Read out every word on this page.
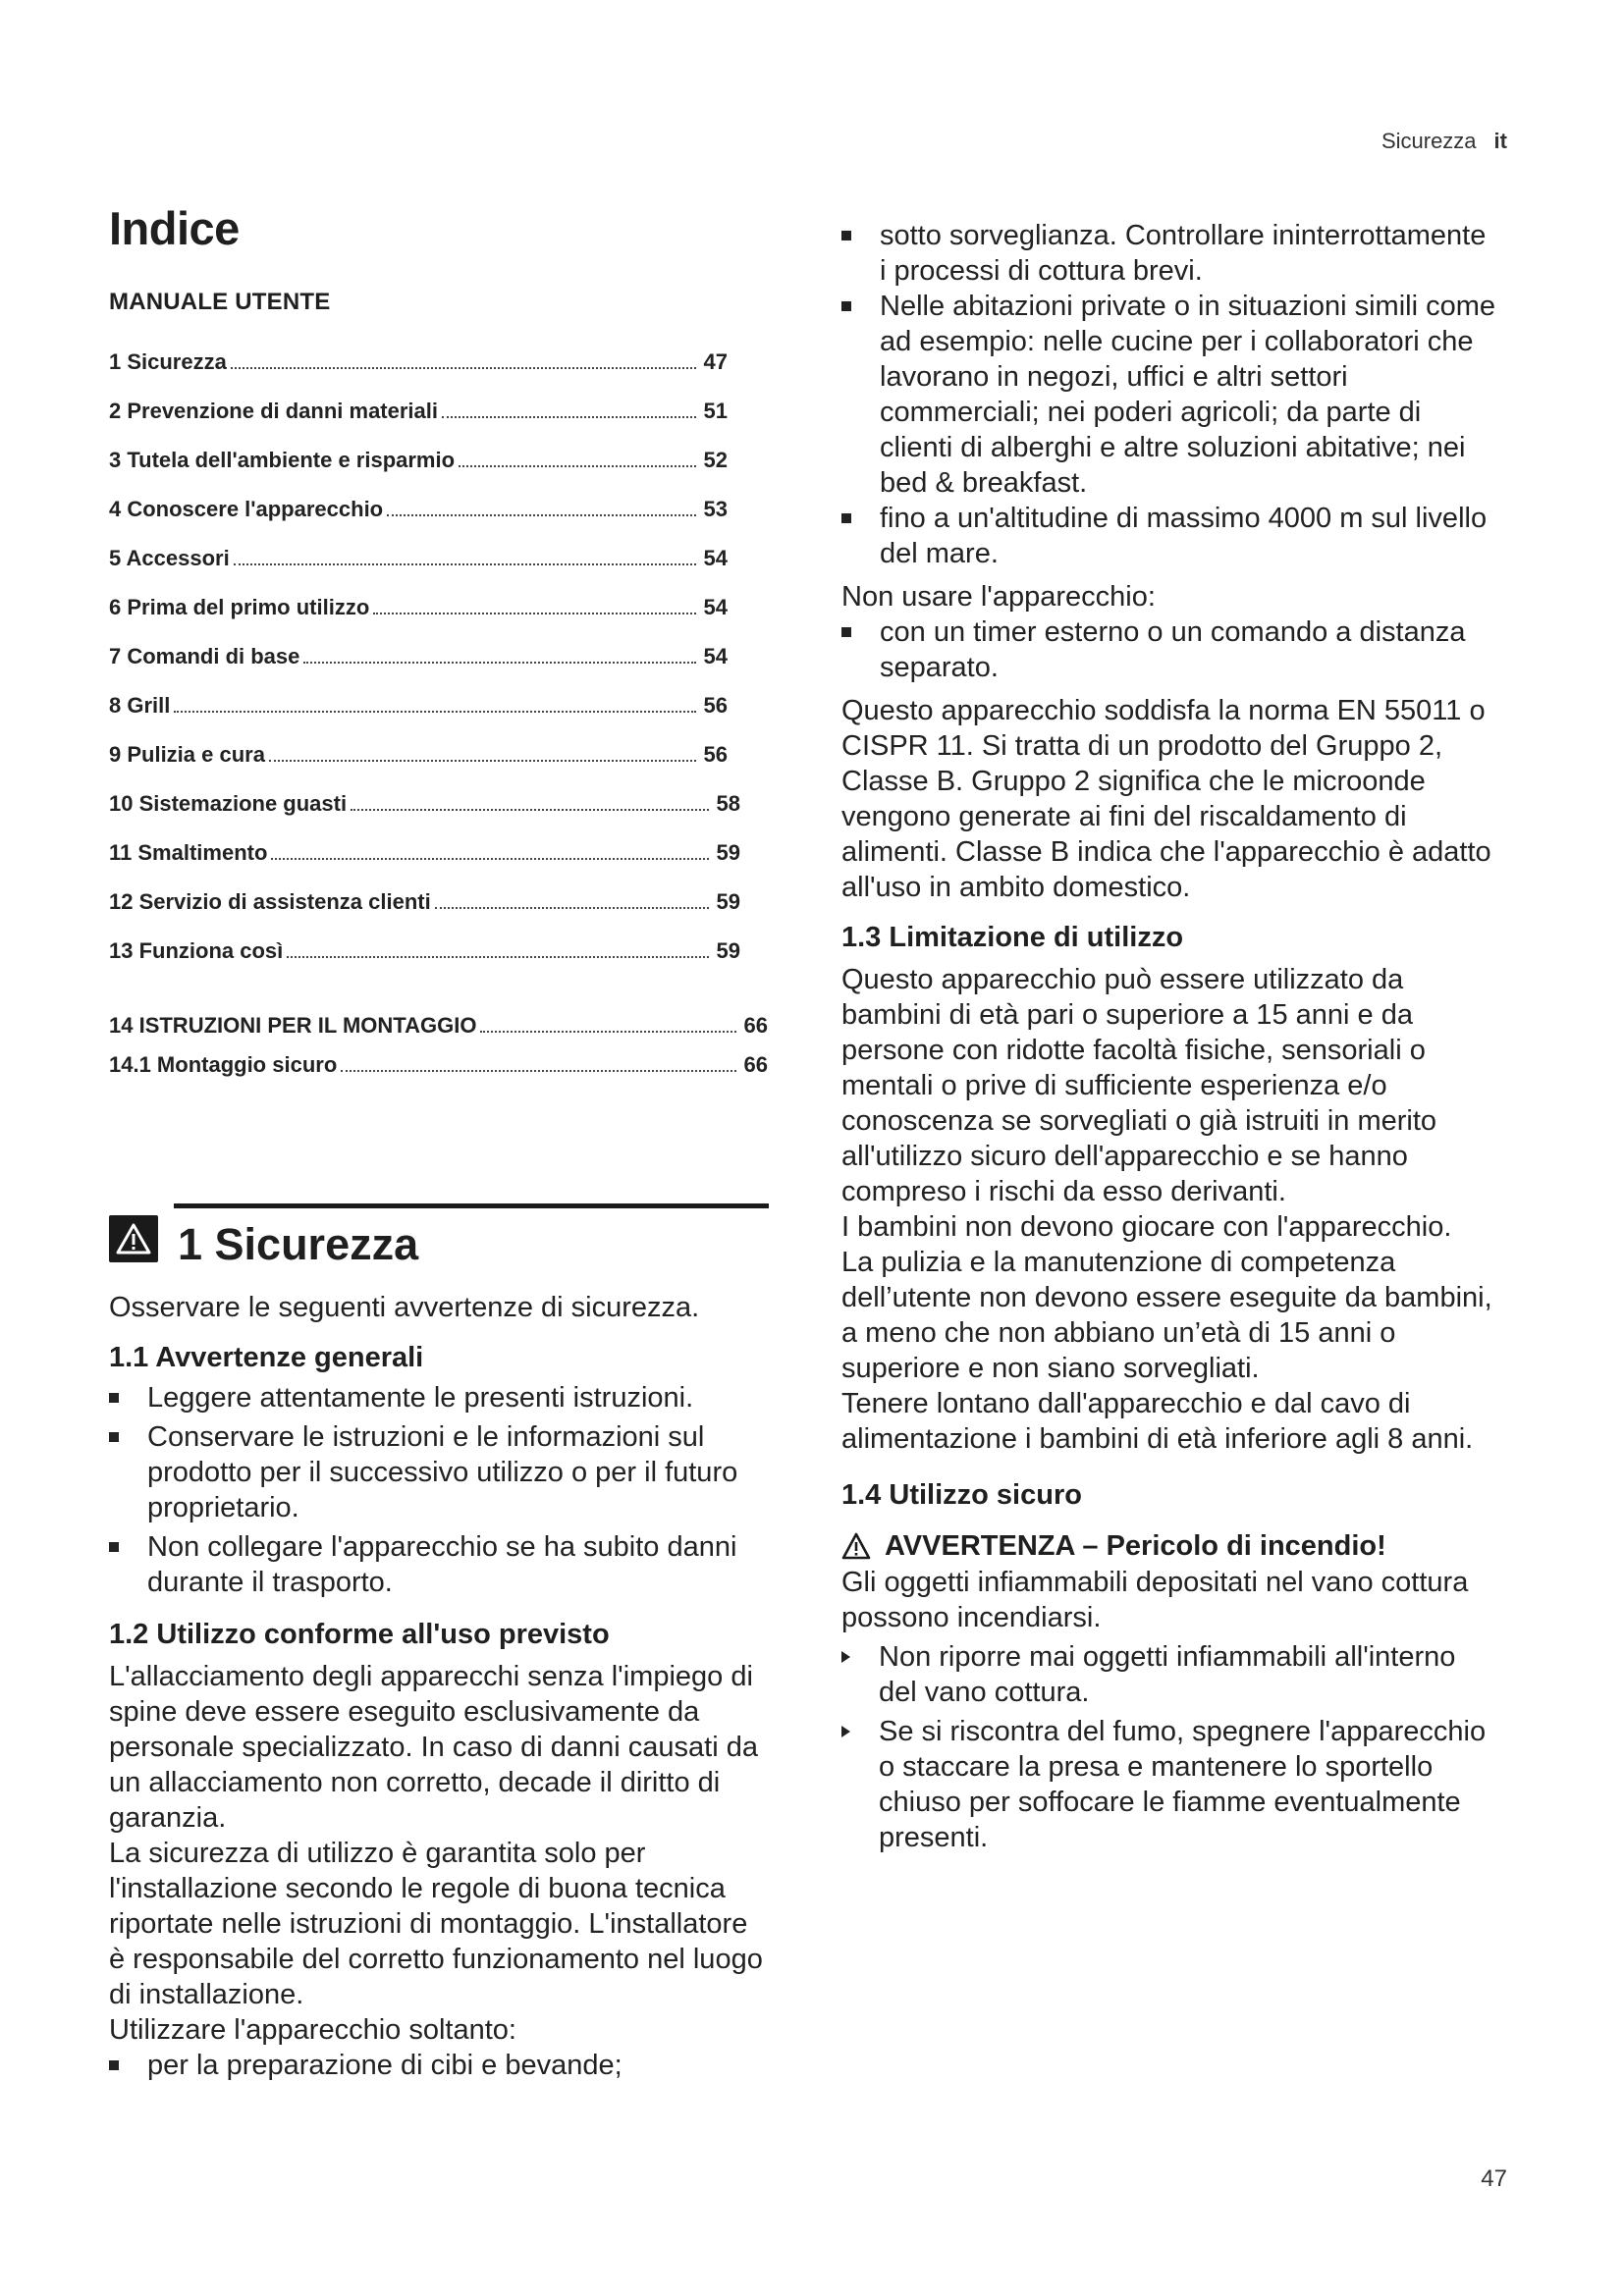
Sicurezza it
Indice
MANUALE UTENTE
1 Sicurezza	47
2 Prevenzione di danni materiali	51
3 Tutela dell'ambiente e risparmio	52
4 Conoscere l'apparecchio	53
5 Accessori	54
6 Prima del primo utilizzo	54
7 Comandi di base	54
8 Grill	56
9 Pulizia e cura	56
10 Sistemazione guasti	58
11 Smaltimento	59
12 Servizio di assistenza clienti	59
13 Funziona così	59
14 ISTRUZIONI PER IL MONTAGGIO	66
14.1 Montaggio sicuro	66
1 Sicurezza

Osservare le seguenti avvertenze di sicurezza.

1.1 Avvertenze generali
Leggere attentamente le presenti istruzioni.
Conservare le istruzioni e le informazioni sul prodotto per il successivo utilizzo o per il futuro proprietario.
Non collegare l'apparecchio se ha subito danni durante il trasporto.
1.2 Utilizzo conforme all'uso previsto

L'allacciamento degli apparecchi senza l'impiego di spine deve essere eseguito esclusivamente da personale specializzato. In caso di danni causati da un allacciamento non corretto, decade il diritto di garanzia.

La sicurezza di utilizzo è garantita solo per l'installazione secondo le regole di buona tecnica riportate nelle istruzioni di montaggio. L'installatore è responsabile del corretto funzionamento nel luogo di installazione.

Utilizzare l'apparecchio soltanto:

per la preparazione di cibi e bevande;
sotto sorveglianza. Controllare ininterrottamente i processi di cottura brevi.
Nelle abitazioni private o in situazioni simili come ad esempio: nelle cucine per i collaboratori che lavorano in negozi, uffici e altri settori commerciali; nei poderi agricoli; da parte di clienti di alberghi e altre soluzioni abitative; nei bed & breakfast.
fino a un'altitudine di massimo 4000 m sul livello del mare.

Non usare l'apparecchio:

con un timer esterno o un comando a distanza separato.

Questo apparecchio soddisfa la norma EN 55011 o CISPR 11. Si tratta di un prodotto del Gruppo 2, Classe B. Gruppo 2 significa che le microonde vengono generate ai fini del riscaldamento di alimenti. Classe B indica che l'apparecchio è adatto all'uso in ambito domestico.

1.3 Limitazione di utilizzo

Questo apparecchio può essere utilizzato da bambini di età pari o superiore a 15 anni e da persone con ridotte facoltà fisiche, sensoriali o mentali o prive di sufficiente esperienza e/o conoscenza se sorvegliati o già istruiti in merito all'utilizzo sicuro dell'apparecchio e se hanno compreso i rischi da esso derivanti.

I bambini non devono giocare con l'apparecchio.

La pulizia e la manutenzione di competenza dell’utente non devono essere eseguite da bambini, a meno che non abbiano un’età di 15 anni o superiore e non siano sorvegliati.

Tenere lontano dall'apparecchio e dal cavo di alimentazione i bambini di età inferiore agli 8 anni.

1.4 Utilizzo sicuro
AVVERTENZA – Pericolo di incendio!

Gli oggetti infiammabili depositati nel vano cottura possono incendiarsi.

Non riporre mai oggetti infiammabili all'interno del vano cottura.
Se si riscontra del fumo, spegnere l'apparecchio o staccare la presa e mantenere lo sportello chiuso per soffocare le fiamme eventualmente presenti.
47
